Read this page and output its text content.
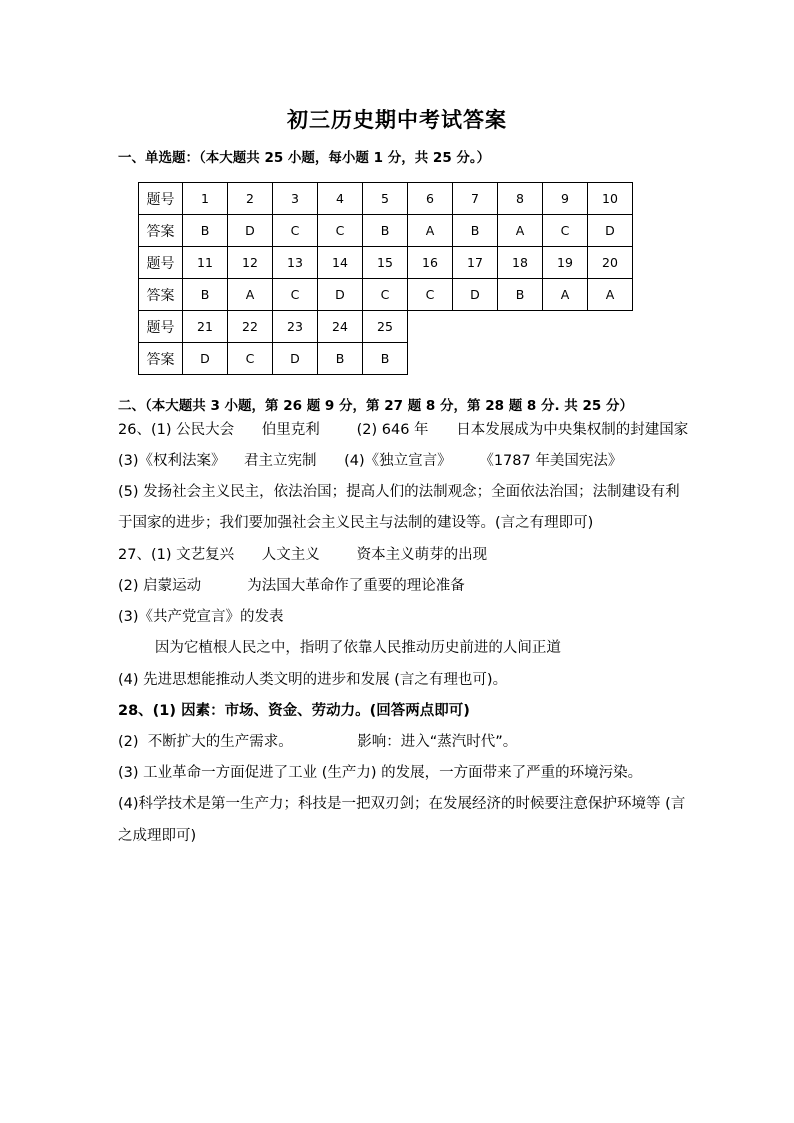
初三历史期中考试答案
一、单选题：（本大题共 25 小题，每小题 1 分，共 25 分。）
题号	1	2	3	4	5	6	7	8	9	10
答案	B	D	C	C	B	A	B	A	C	D
题号	11	12	13	14	15	16	17	18	19	20
答案	B	A	C	D	C	C	D	B	A	A
题号	21	22	23	24	25					
答案	D	C	D	B	B					
二、（本大题共 3 小题，第 26 题 9 分，第 27 题 8 分，第 28 题 8 分. 共 25 分）
26、(1) 公民大会      伯里克利        (2) 646 年      日本发展成为中央集权制的封建国家
(3)《权利法案》    君主立宪制      (4)《独立宣言》      《1787 年美国宪法》
(5) 发扬社会主义民主，依法治国；提高人们的法制观念；全面依法治国；法制建设有利
于国家的进步；我们要加强社会主义民主与法制的建设等。(言之有理即可)
27、(1) 文艺复兴      人文主义        资本主义萌芽的出现
(2) 启蒙运动          为法国大革命作了重要的理论准备
(3)《共产党宣言》的发表
因为它植根人民之中，指明了依靠人民推动历史前进的人间正道
(4) 先进思想能推动人类文明的进步和发展 (言之有理也可)。
28、(1) 因素：市场、资金、劳动力。(回答两点即可)
(2)  不断扩大的生产需求。              影响：进入“蒸汽时代”。
(3) 工业革命一方面促进了工业 (生产力) 的发展，一方面带来了严重的环境污染。
(4)科学技术是第一生产力；科技是一把双刃剑；在发展经济的时候要注意保护环境等 (言
之成理即可)
